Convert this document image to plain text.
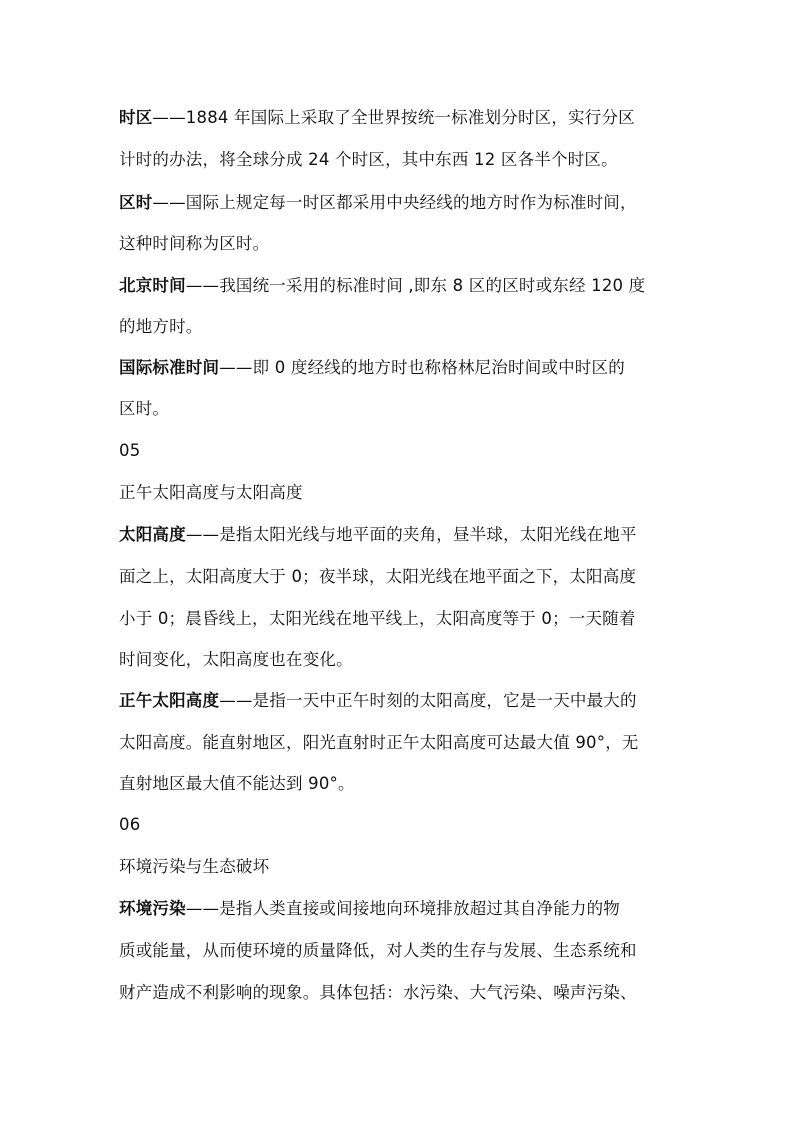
时区——1884 年国际上采取了全世界按统一标准划分时区，实行分区
计时的办法，将全球分成 24 个时区，其中东西 12 区各半个时区。
区时——国际上规定每一时区都采用中央经线的地方时作为标准时间，
这种时间称为区时。
北京时间——我国统一采用的标准时间 ,即东 8 区的区时或东经 120 度
的地方时。
国际标准时间——即 0 度经线的地方时也称格林尼治时间或中时区的
区时。
05
正午太阳高度与太阳高度
太阳高度——是指太阳光线与地平面的夹角，昼半球，太阳光线在地平
面之上，太阳高度大于 0；夜半球，太阳光线在地平面之下，太阳高度
小于 0；晨昏线上，太阳光线在地平线上，太阳高度等于 0；一天随着
时间变化，太阳高度也在变化。
正午太阳高度——是指一天中正午时刻的太阳高度，它是一天中最大的
太阳高度。能直射地区，阳光直射时正午太阳高度可达最大值 90°，无
直射地区最大值不能达到 90°。
06
环境污染与生态破坏
环境污染——是指人类直接或间接地向环境排放超过其自净能力的物
质或能量，从而使环境的质量降低，对人类的生存与发展、生态系统和
财产造成不利影响的现象。具体包括：水污染、大气污染、噪声污染、
